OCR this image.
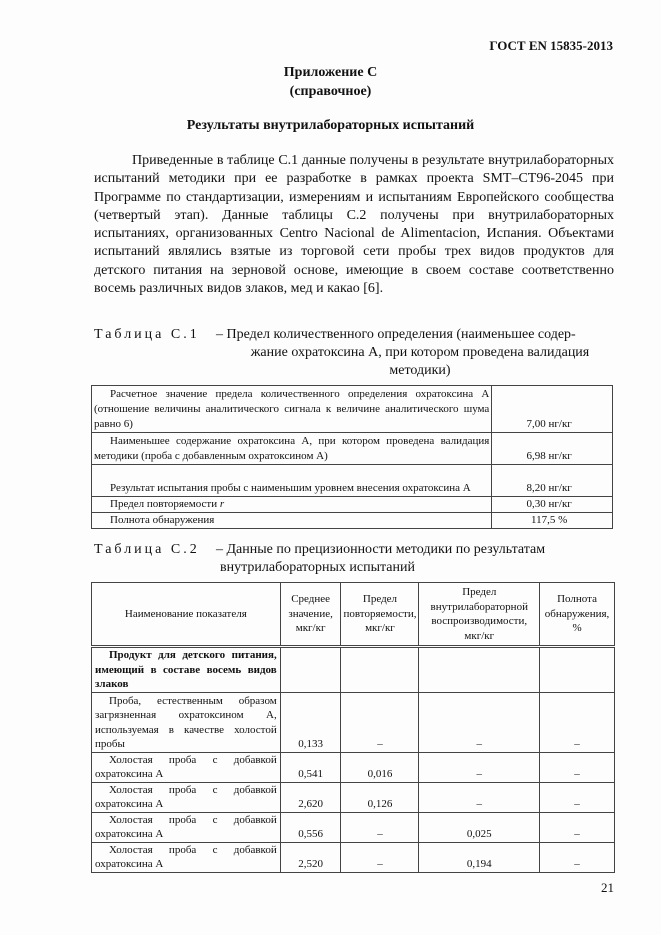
ГОСТ EN 15835-2013
Приложение С
(справочное)
Результаты внутрилабораторных испытаний
Приведенные в таблице С.1 данные получены в результате внутрилабораторных испытаний методики при ее разработке в рамках проекта SMT–CT96-2045 при Программе по стандартизации, измерениям и испытаниям Европейского сообщества (четвертый этап). Данные таблицы С.2 получены при внутрилабораторных испытаниях, организованных Centro Nacional de Alimentacion, Испания. Объектами испытаний являлись взятые из торговой сети пробы трех видов продуктов для детского питания на зерновой основе, имеющие в своем составе соответственно восемь различных видов злаков, мед и какао [6].
Таблица С.1 – Предел количественного определения (наименьшее содер-
жание охратоксина А, при котором проведена валидация методики)
Расчетное значение предела количественного определения охратоксина А (отношение величины аналитического сигнала к величине аналитического шума равно 6)	7,00 нг/кг
Наименьшее содержание охратоксина А, при котором проведена валидация методики (проба с добавленным охратоксином А)	6,98 нг/кг
Результат испытания пробы с наименьшим уровнем внесения охратоксина А	8,20 нг/кг
Предел повторяемости r	0,30 нг/кг
Полнота обнаружения	117,5 %
Таблица С.2 – Данные по прецизионности методики по результатам
внутрилабораторных испытаний
Наименование показателя	Среднее значение, мкг/кг	Предел повторяемости, мкг/кг	Предел внутрилабораторной воспроизводимости, мкг/кг	Полнота обнаружения, %
Продукт для детского питания, имеющий в составе восемь видов злаков				
Проба, естественным образом загрязненная охратоксином А, используемая в качестве холостой пробы	0,133	–	–	–
Холостая проба с добавкой охратоксина А	0,541	0,016	–	–
Холостая проба с добавкой охратоксина А	2,620	0,126	–	–
Холостая проба с добавкой охратоксина А	0,556	–	0,025	–
Холостая проба с добавкой охратоксина А	2,520	–	0,194	–
21
